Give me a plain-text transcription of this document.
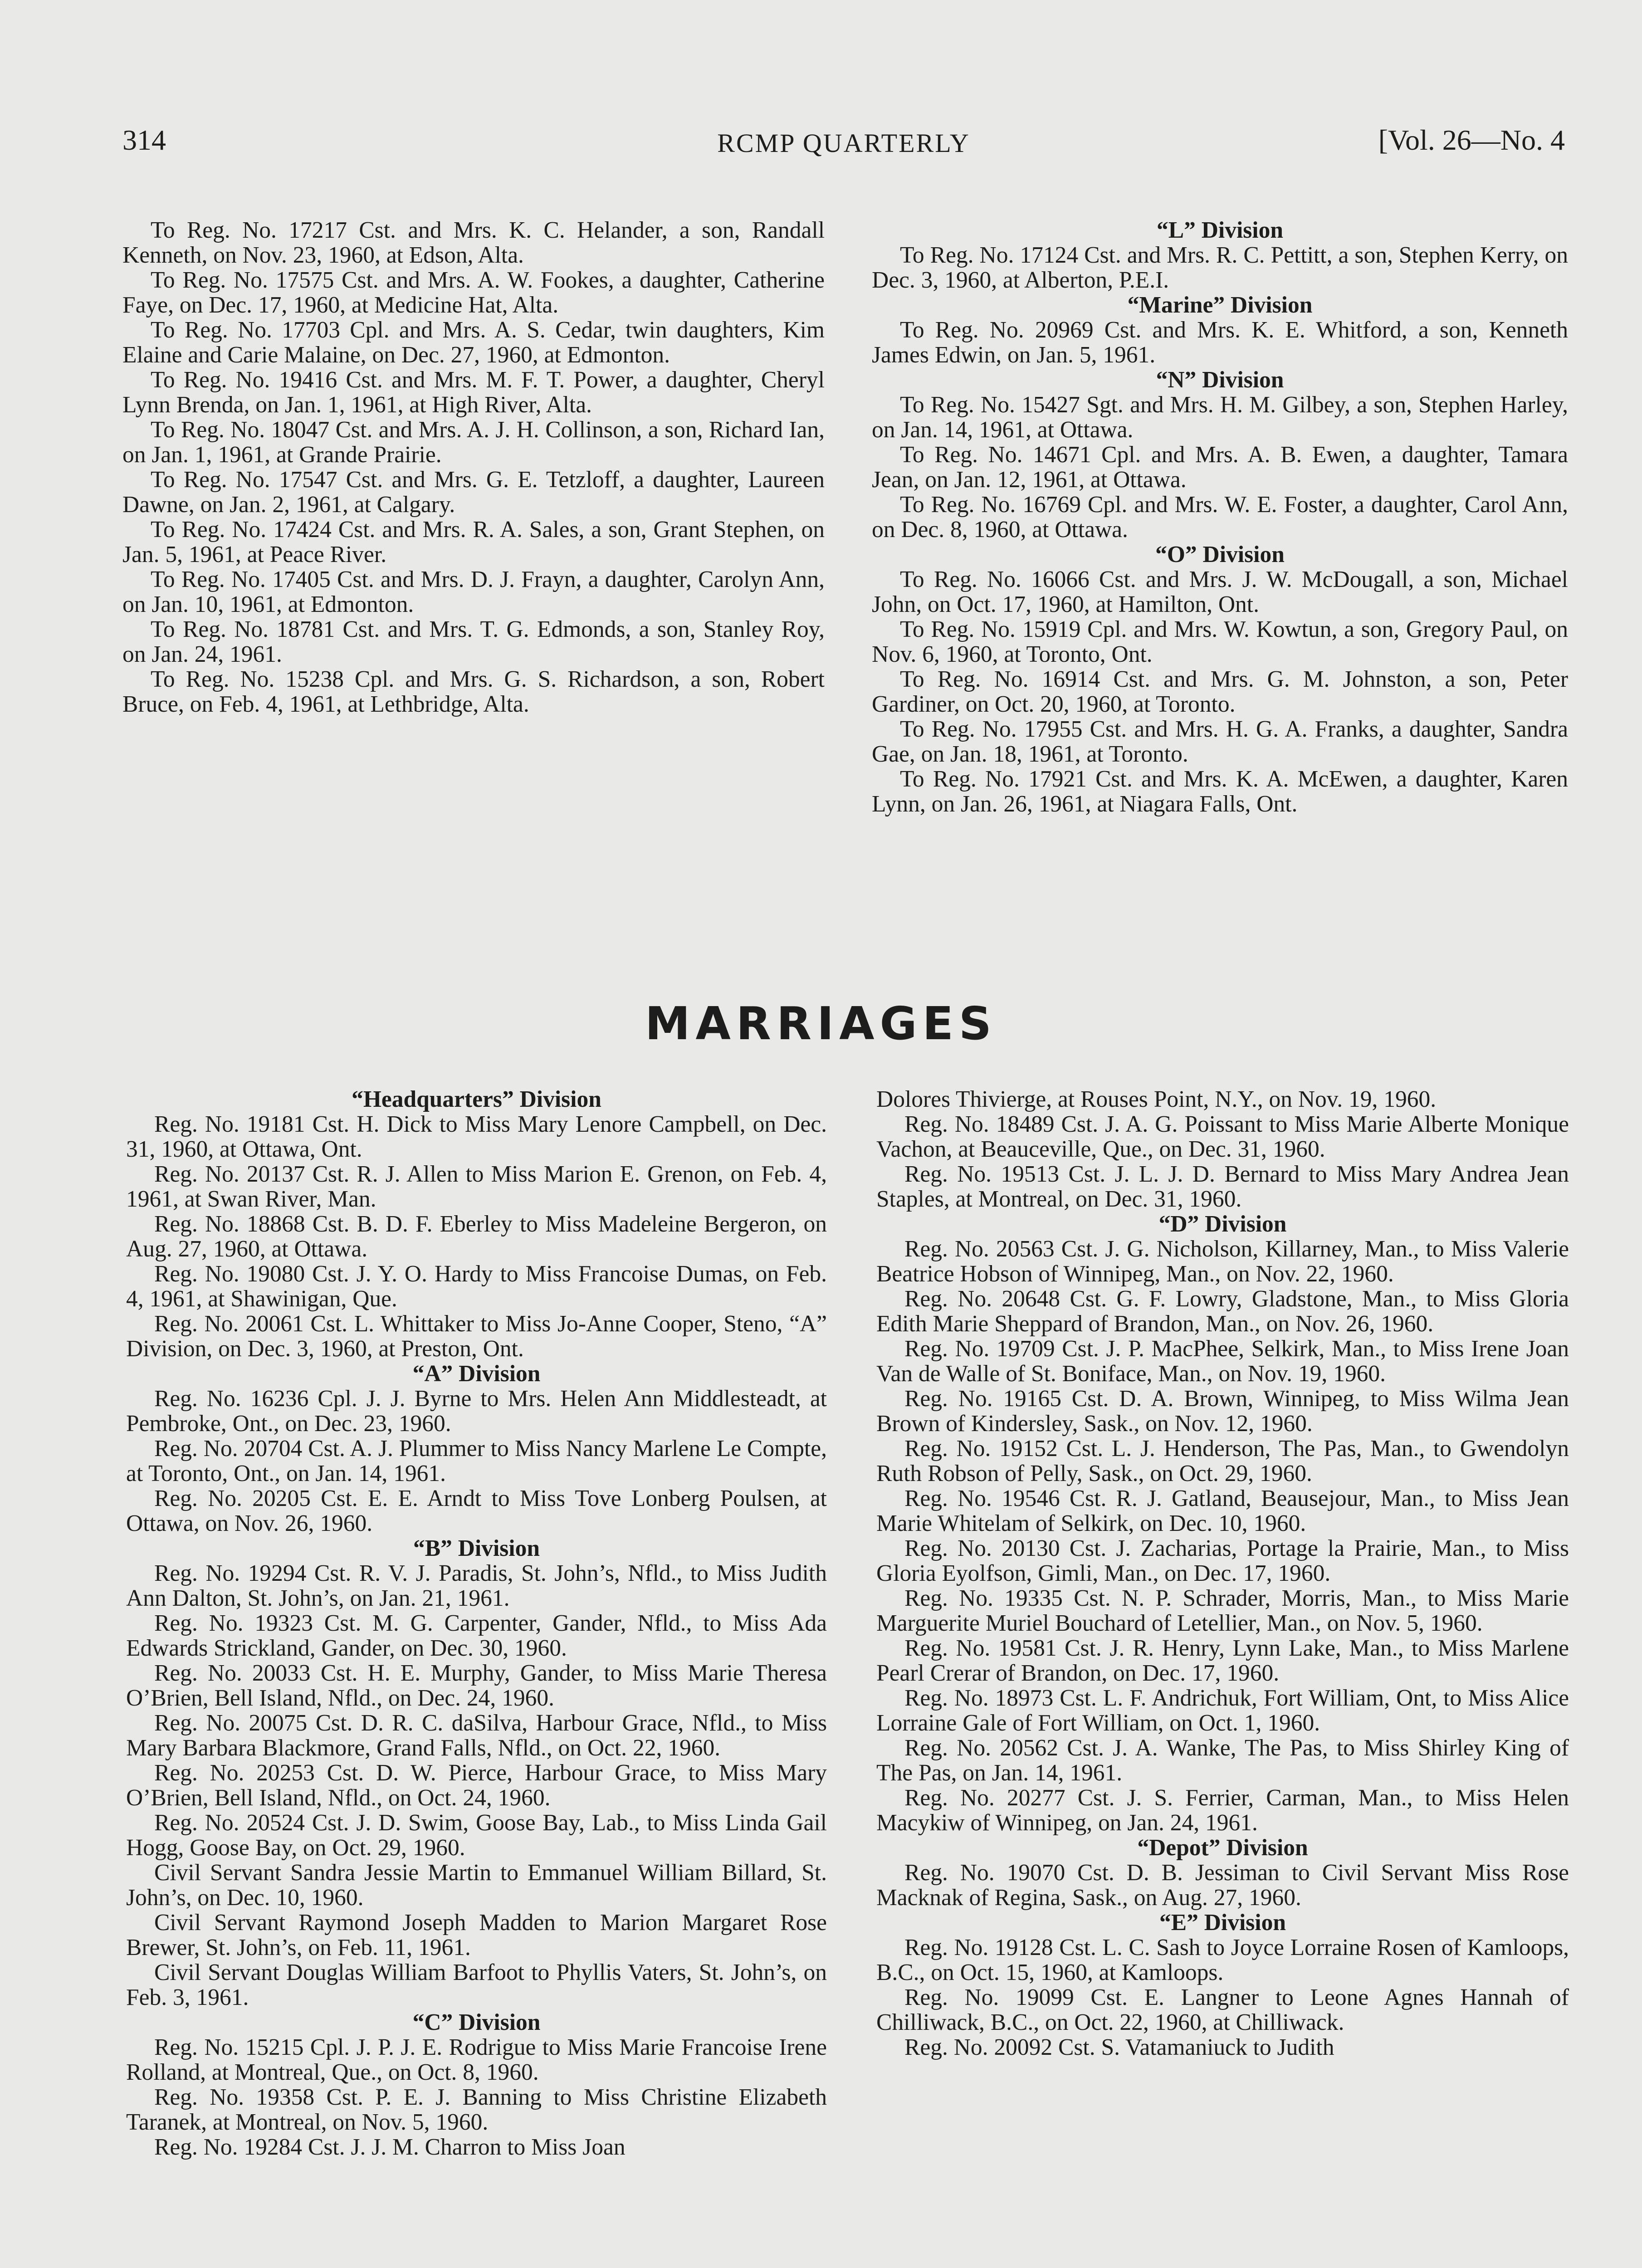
314	RCMP QUARTERLY	[Vol. 26—No. 4

To Reg. No. 17217 Cst. and Mrs. K. C. Helander, a son, Randall Kenneth, on Nov. 23, 1960, at Edson, Alta.

To Reg. No. 17575 Cst. and Mrs. A. W. Fookes, a daughter, Catherine Faye, on Dec. 17, 1960, at Medicine Hat, Alta.

To Reg. No. 17703 Cpl. and Mrs. A. S. Cedar, twin daughters, Kim Elaine and Carie Malaine, on Dec. 27, 1960, at Edmonton.

To Reg. No. 19416 Cst. and Mrs. M. F. T. Power, a daughter, Cheryl Lynn Brenda, on Jan. 1, 1961, at High River, Alta.

To Reg. No. 18047 Cst. and Mrs. A. J. H. Collinson, a son, Richard Ian, on Jan. 1, 1961, at Grande Prairie.

To Reg. No. 17547 Cst. and Mrs. G. E. Tetzloff, a daughter, Laureen Dawne, on Jan. 2, 1961, at Calgary.

To Reg. No. 17424 Cst. and Mrs. R. A. Sales, a son, Grant Stephen, on Jan. 5, 1961, at Peace River.

To Reg. No. 17405 Cst. and Mrs. D. J. Frayn, a daughter, Carolyn Ann, on Jan. 10, 1961, at Edmonton.

To Reg. No. 18781 Cst. and Mrs. T. G. Edmonds, a son, Stanley Roy, on Jan. 24, 1961.

To Reg. No. 15238 Cpl. and Mrs. G. S. Richardson, a son, Robert Bruce, on Feb. 4, 1961, at Lethbridge, Alta.

“L” Division

To Reg. No. 17124 Cst. and Mrs. R. C. Pettitt, a son, Stephen Kerry, on Dec. 3, 1960, at Alberton, P.E.I.

“Marine” Division

To Reg. No. 20969 Cst. and Mrs. K. E. Whitford, a son, Kenneth James Edwin, on Jan. 5, 1961.

“N” Division

To Reg. No. 15427 Sgt. and Mrs. H. M. Gilbey, a son, Stephen Harley, on Jan. 14, 1961, at Ottawa.

To Reg. No. 14671 Cpl. and Mrs. A. B. Ewen, a daughter, Tamara Jean, on Jan. 12, 1961, at Ottawa.

To Reg. No. 16769 Cpl. and Mrs. W. E. Foster, a daughter, Carol Ann, on Dec. 8, 1960, at Ottawa.

“O” Division

To Reg. No. 16066 Cst. and Mrs. J. W. McDougall, a son, Michael John, on Oct. 17, 1960, at Hamilton, Ont.

To Reg. No. 15919 Cpl. and Mrs. W. Kowtun, a son, Gregory Paul, on Nov. 6, 1960, at Toronto, Ont.

To Reg. No. 16914 Cst. and Mrs. G. M. Johnston, a son, Peter Gardiner, on Oct. 20, 1960, at Toronto.

To Reg. No. 17955 Cst. and Mrs. H. G. A. Franks, a daughter, Sandra Gae, on Jan. 18, 1961, at Toronto.

To Reg. No. 17921 Cst. and Mrs. K. A. McEwen, a daughter, Karen Lynn, on Jan. 26, 1961, at Niagara Falls, Ont.

MARRIAGES
“Headquarters” Division

Reg. No. 19181 Cst. H. Dick to Miss Mary Lenore Campbell, on Dec. 31, 1960, at Ottawa, Ont.

Reg. No. 20137 Cst. R. J. Allen to Miss Marion E. Grenon, on Feb. 4, 1961, at Swan River, Man.

Reg. No. 18868 Cst. B. D. F. Eberley to Miss Madeleine Bergeron, on Aug. 27, 1960, at Ottawa.

Reg. No. 19080 Cst. J. Y. O. Hardy to Miss Francoise Dumas, on Feb. 4, 1961, at Shawinigan, Que.

Reg. No. 20061 Cst. L. Whittaker to Miss Jo-Anne Cooper, Steno, “A” Division, on Dec. 3, 1960, at Preston, Ont.

“A” Division

Reg. No. 16236 Cpl. J. J. Byrne to Mrs. Helen Ann Middlesteadt, at Pembroke, Ont., on Dec. 23, 1960.

Reg. No. 20704 Cst. A. J. Plummer to Miss Nancy Marlene Le Compte, at Toronto, Ont., on Jan. 14, 1961.

Reg. No. 20205 Cst. E. E. Arndt to Miss Tove Lonberg Poulsen, at Ottawa, on Nov. 26, 1960.

“B” Division

Reg. No. 19294 Cst. R. V. J. Paradis, St. John’s, Nfld., to Miss Judith Ann Dalton, St. John’s, on Jan. 21, 1961.

Reg. No. 19323 Cst. M. G. Carpenter, Gander, Nfld., to Miss Ada Edwards Strickland, Gander, on Dec. 30, 1960.

Reg. No. 20033 Cst. H. E. Murphy, Gander, to Miss Marie Theresa O’Brien, Bell Island, Nfld., on Dec. 24, 1960.

Reg. No. 20075 Cst. D. R. C. daSilva, Harbour Grace, Nfld., to Miss Mary Barbara Blackmore, Grand Falls, Nfld., on Oct. 22, 1960.

Reg. No. 20253 Cst. D. W. Pierce, Harbour Grace, to Miss Mary O’Brien, Bell Island, Nfld., on Oct. 24, 1960.

Reg. No. 20524 Cst. J. D. Swim, Goose Bay, Lab., to Miss Linda Gail Hogg, Goose Bay, on Oct. 29, 1960.

Civil Servant Sandra Jessie Martin to Emmanuel William Billard, St. John’s, on Dec. 10, 1960.

Civil Servant Raymond Joseph Madden to Marion Margaret Rose Brewer, St. John’s, on Feb. 11, 1961.

Civil Servant Douglas William Barfoot to Phyllis Vaters, St. John’s, on Feb. 3, 1961.

“C” Division

Reg. No. 15215 Cpl. J. P. J. E. Rodrigue to Miss Marie Francoise Irene Rolland, at Montreal, Que., on Oct. 8, 1960.

Reg. No. 19358 Cst. P. E. J. Banning to Miss Christine Elizabeth Taranek, at Montreal, on Nov. 5, 1960.

Reg. No. 19284 Cst. J. J. M. Charron to Miss Joan

Dolores Thivierge, at Rouses Point, N.Y., on Nov. 19, 1960.

Reg. No. 18489 Cst. J. A. G. Poissant to Miss Marie Alberte Monique Vachon, at Beauceville, Que., on Dec. 31, 1960.

Reg. No. 19513 Cst. J. L. J. D. Bernard to Miss Mary Andrea Jean Staples, at Montreal, on Dec. 31, 1960.

“D” Division

Reg. No. 20563 Cst. J. G. Nicholson, Killarney, Man., to Miss Valerie Beatrice Hobson of Winnipeg, Man., on Nov. 22, 1960.

Reg. No. 20648 Cst. G. F. Lowry, Gladstone, Man., to Miss Gloria Edith Marie Sheppard of Brandon, Man., on Nov. 26, 1960.

Reg. No. 19709 Cst. J. P. MacPhee, Selkirk, Man., to Miss Irene Joan Van de Walle of St. Boniface, Man., on Nov. 19, 1960.

Reg. No. 19165 Cst. D. A. Brown, Winnipeg, to Miss Wilma Jean Brown of Kindersley, Sask., on Nov. 12, 1960.

Reg. No. 19152 Cst. L. J. Henderson, The Pas, Man., to Gwendolyn Ruth Robson of Pelly, Sask., on Oct. 29, 1960.

Reg. No. 19546 Cst. R. J. Gatland, Beausejour, Man., to Miss Jean Marie Whitelam of Selkirk, on Dec. 10, 1960.

Reg. No. 20130 Cst. J. Zacharias, Portage la Prairie, Man., to Miss Gloria Eyolfson, Gimli, Man., on Dec. 17, 1960.

Reg. No. 19335 Cst. N. P. Schrader, Morris, Man., to Miss Marie Marguerite Muriel Bouchard of Letellier, Man., on Nov. 5, 1960.

Reg. No. 19581 Cst. J. R. Henry, Lynn Lake, Man., to Miss Marlene Pearl Crerar of Brandon, on Dec. 17, 1960.

Reg. No. 18973 Cst. L. F. Andrichuk, Fort William, Ont, to Miss Alice Lorraine Gale of Fort William, on Oct. 1, 1960.

Reg. No. 20562 Cst. J. A. Wanke, The Pas, to Miss Shirley King of The Pas, on Jan. 14, 1961.

Reg. No. 20277 Cst. J. S. Ferrier, Carman, Man., to Miss Helen Macykiw of Winnipeg, on Jan. 24, 1961.

“Depot” Division

Reg. No. 19070 Cst. D. B. Jessiman to Civil Servant Miss Rose Macknak of Regina, Sask., on Aug. 27, 1960.

“E” Division

Reg. No. 19128 Cst. L. C. Sash to Joyce Lorraine Rosen of Kamloops, B.C., on Oct. 15, 1960, at Kamloops.

Reg. No. 19099 Cst. E. Langner to Leone Agnes Hannah of Chilliwack, B.C., on Oct. 22, 1960, at Chilliwack.

Reg. No. 20092 Cst. S. Vatamaniuck to Judith
